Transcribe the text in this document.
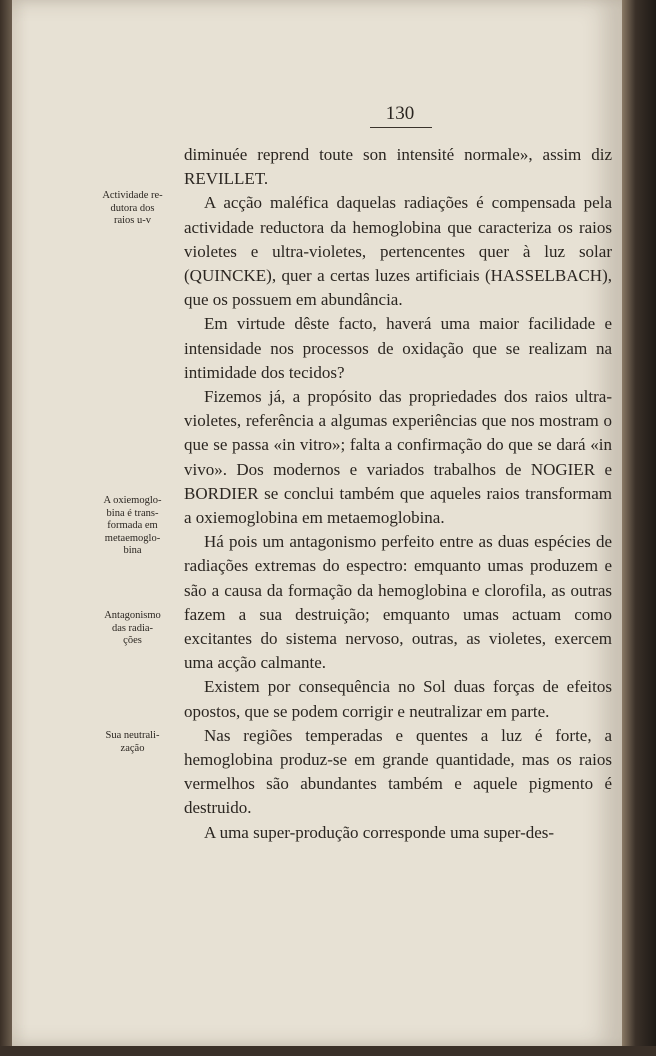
130
Actividade re-
dutora dos
raios u-v
A oxiemoglo-
bina é trans-
formada em
metaemoglo-
bina
Antagonismo
das radia-
ções
Sua neutrali-
zação

diminuée reprend toute son intensité normale», assim diz REVILLET.

A acção maléfica daquelas radiações é compensada pela actividade reductora da hemoglobina que caracteriza os raios violetes e ultra-violetes, pertencentes quer à luz solar (QUINCKE), quer a certas luzes artificiais (HASSELBACH), que os possuem em abundância.

Em virtude dêste facto, haverá uma maior facilidade e intensidade nos processos de oxidação que se realizam na intimidade dos tecidos?

Fizemos já, a propósito das propriedades dos raios ultra-violetes, referência a algumas experiências que nos mostram o que se passa «in vitro»; falta a confirmação do que se dará «in vivo». Dos modernos e variados trabalhos de NOGIER e BORDIER se conclui também que aqueles raios transformam a oxiemoglobina em metaemoglobina.

Há pois um antagonismo perfeito entre as duas espécies de radiações extremas do espectro: emquanto umas produzem e são a causa da formação da hemoglobina e clorofila, as outras fazem a sua destruição; emquanto umas actuam como excitantes do sistema nervoso, outras, as violetes, exercem uma acção calmante.

Existem por consequência no Sol duas forças de efeitos opostos, que se podem corrigir e neutralizar em parte.

Nas regiões temperadas e quentes a luz é forte, a hemoglobina produz-se em grande quantidade, mas os raios vermelhos são abundantes também e aquele pigmento é destruido.

A uma super-produção corresponde uma super-des-
